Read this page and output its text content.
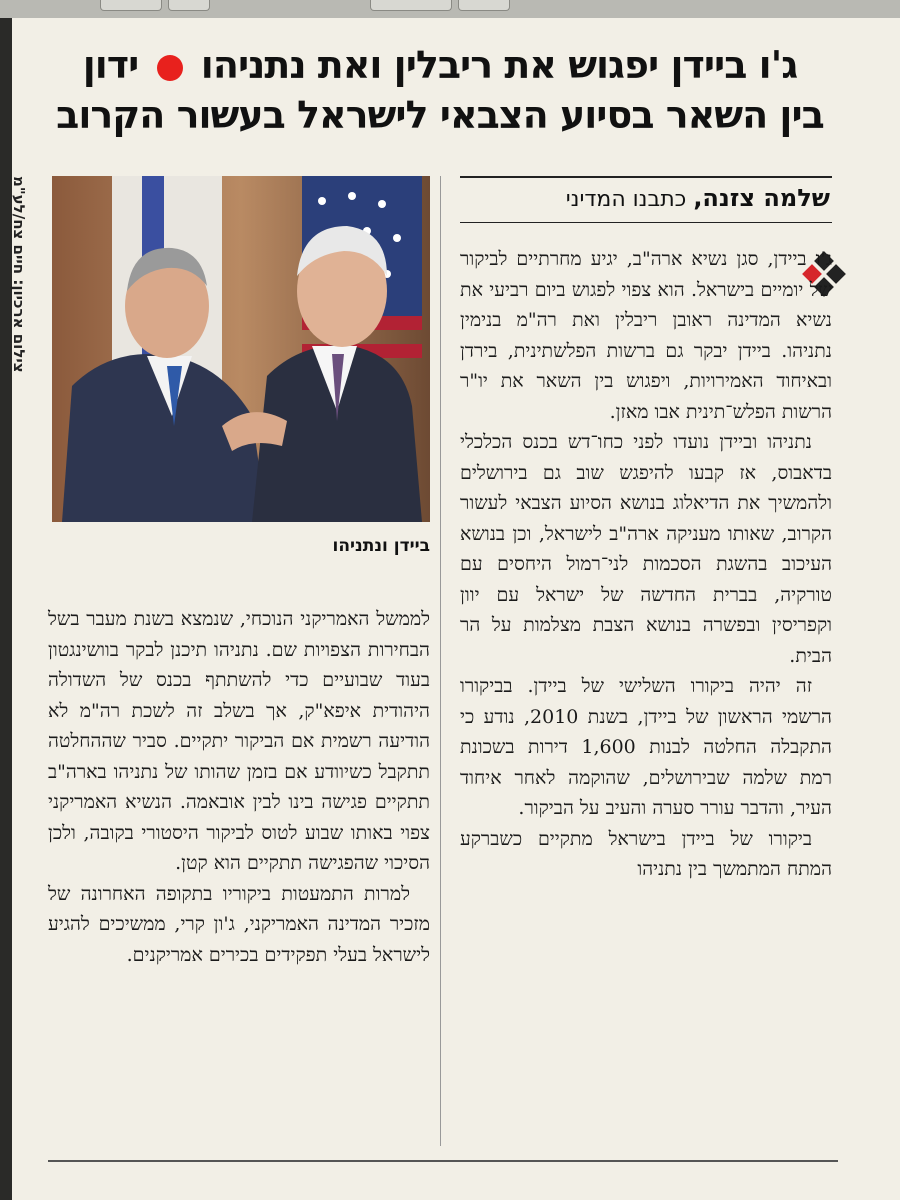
ג'ו ביידן יפגוש את ריבלין ואת נתניהו  ידון
בין השאר בסיוע הצבאי לישראל בעשור הקרוב
שלמה צזנה, כתבנו המדיני
צילום ארכיון: חיים צח/לע"מ
ביידן ונתניהו

ג'ו ביידן, סגן נשיא ארה"ב, יגיע מחרתיים לביקור של יומיים בישראל. הוא צפוי לפגוש ביום רביעי את נשיא המדינה ראובן ריבלין ואת רה"מ בנימין נתניהו. ביידן יבקר גם ברשות הפלשתינית, בירדן ובאיחוד האמירויות, ויפגוש בין השאר את יו"ר הרשות הפלש־תינית אבו מאזן.

נתניהו וביידן נועדו לפני כחו־דש בכנס הכלכלי בדאבוס, אז קבעו להיפגש שוב גם בירושלים ולהמשיך את הדיאלוג בנושא הסיוע הצבאי לעשור הקרוב, שאותו מעניקה ארה"ב לישראל, וכן בנושא העיכוב בהשגת הסכמות לני־רמול היחסים עם טורקיה, בברית החדשה של ישראל עם יוון וקפריסין ובפשרה בנושא הצבת מצלמות על הר הבית.

זה יהיה ביקורו השלישי של ביידן. בביקורו הרשמי הראשון של ביידן, בשנת 2010, נודע כי התקבלה החלטה לבנות 1,600 דירות בשכונת רמת שלמה שבירושלים, שהוקמה לאחר איחוד העיר, והדבר עורר סערה והעיב על הביקור.

ביקורו של ביידן בישראל מתקיים כשברקע המתח המתמשך בין נתניהו

לממשל האמריקני הנוכחי, שנמצא בשנת מעבר בשל הבחירות הצפויות שם. נתניהו תיכנן לבקר בוושינגטון בעוד שבועיים כדי להשתתף בכנס של השדולה היהודית איפא"ק, אך בשלב זה לשכת רה"מ לא הודיעה רשמית אם הביקור יתקיים. סביר שההחלטה תתקבל כשיוודע אם בזמן שהותו של נתניהו בארה"ב תתקיים פגישה בינו לבין אובאמה. הנשיא האמריקני צפוי באותו שבוע לטוס לביקור היסטורי בקובה, ולכן הסיכוי שהפגישה תתקיים הוא קטן.

למרות התמעטות ביקוריו בתקופה האחרונה של מזכיר המדינה האמריקני, ג'ון קרי, ממשיכים להגיע לישראל בעלי תפקידים בכירים אמריקנים.
